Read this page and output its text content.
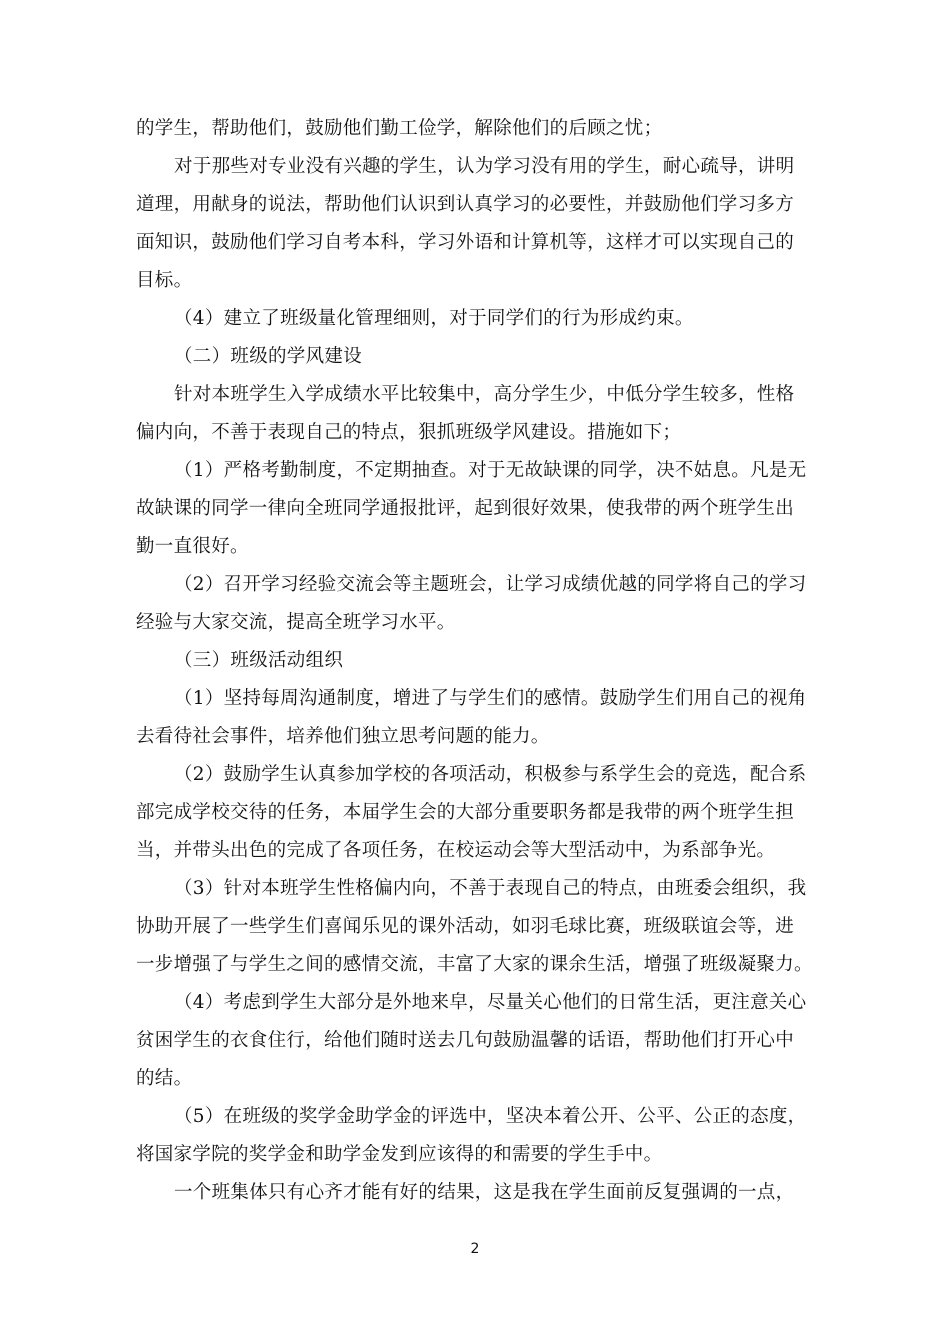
的学生，帮助他们，鼓励他们勤工俭学，解除他们的后顾之忧；
对于那些对专业没有兴趣的学生，认为学习没有用的学生，耐心疏导，讲明
道理，用献身的说法，帮助他们认识到认真学习的必要性，并鼓励他们学习多方
面知识，鼓励他们学习自考本科，学习外语和计算机等，这样才可以实现自己的
目标。
（4）建立了班级量化管理细则，对于同学们的行为形成约束。
（二）班级的学风建设
针对本班学生入学成绩水平比较集中，高分学生少，中低分学生较多，性格
偏内向，不善于表现自己的特点，狠抓班级学风建设。措施如下；
（1）严格考勤制度，不定期抽查。对于无故缺课的同学，决不姑息。凡是无
故缺课的同学一律向全班同学通报批评，起到很好效果，使我带的两个班学生出
勤一直很好。
（2）召开学习经验交流会等主题班会，让学习成绩优越的同学将自己的学习
经验与大家交流，提高全班学习水平。
（三）班级活动组织
（1）坚持每周沟通制度，增进了与学生们的感情。鼓励学生们用自己的视角
去看待社会事件，培养他们独立思考问题的能力。
（2）鼓励学生认真参加学校的各项活动，积极参与系学生会的竞选，配合系
部完成学校交待的任务，本届学生会的大部分重要职务都是我带的两个班学生担
当，并带头出色的完成了各项任务，在校运动会等大型活动中，为系部争光。
（3）针对本班学生性格偏内向，不善于表现自己的特点，由班委会组织，我
协助开展了一些学生们喜闻乐见的课外活动，如羽毛球比赛，班级联谊会等，进
一步增强了与学生之间的感情交流，丰富了大家的课余生活，增强了班级凝聚力。
（4）考虑到学生大部分是外地来皁，尽量关心他们的日常生活，更注意关心
贫困学生的衣食住行，给他们随时送去几句鼓励温馨的话语，帮助他们打开心中
的结。
（5）在班级的奖学金助学金的评选中，坚决本着公开、公平、公正的态度，
将国家学院的奖学金和助学金发到应该得的和需要的学生手中。
一个班集体只有心齐才能有好的结果，这是我在学生面前反复强调的一点，
2
